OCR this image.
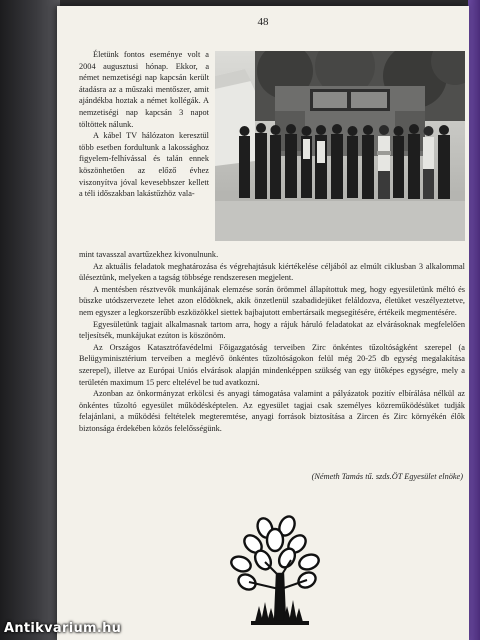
48

Életünk fontos eseménye volt a 2004 augusztusi hónap. Ekkor, a német nemzetiségi nap kapcsán került átadásra az a műszaki mentőszer, amit ajándékba hoztak a német kollégák. A nemzetiségi nap kapcsán 3 napot töltöttek nálunk.

A kábel TV hálózaton keresztül több esetben fordultunk a lakossághoz figyelem-felhívással és talán ennek köszönhetően az előző évhez viszonyítva jóval kevesebbszer kellett a téli időszakban lakástűzhöz vala-

mint tavasszal avartűzekhez kivonulnunk.

Az aktuális feladatok meghatározása és végrehajtásuk kiértékelése céljából az elmúlt ciklusban 3 alkalommal üléseztünk, melyeken a tagság többsége rendszeresen megjelent.

A mentésben résztvevők munkájának elemzése során örömmel állapítottuk meg, hogy egyesületünk méltó és büszke utódszervezete lehet azon elődöknek, akik önzetlenül szabadidejüket feláldozva, életüket veszélyeztetve, nem egyszer a legkorszerűbb eszközökkel siettek bajbajutott embertársaik megsegítésére, értékeik megmentésére.

Egyesületünk tagjait alkalmasnak tartom arra, hogy a rájuk háruló feladatokat az elvárásoknak megfelelően teljesítsék, munkájukat ezúton is köszönöm.

Az Országos Katasztrófavédelmi Főigazgatóság terveiben Zirc önkéntes tűzoltóságként szerepel (a Belügyminisztérium terveiben a meglévő önkéntes tűzoltóságokon felül még 20-25 db egység megalakítása szerepel), illetve az Európai Uniós elvárások alapján mindenképpen szükség van egy ütőképes egységre, mely a területén maximum 15 perc eltelével be tud avatkozni.

Azonban az önkormányzat erkölcsi és anyagi támogatása valamint a pályázatok pozitív elbírálása nélkül az önkéntes tűzoltó egyesület működésképtelen. Az egyesület tagjai csak személyes közreműködésüket tudják felajánlani, a működési feltételek megteremtése, anyagi források biztosítása a Zircen és Zirc környékén élők biztonsága érdekében közös felelősségünk.

(Németh Tamás tű. szds.ÖT Egyesület elnöke)
Antikvarium.hu
